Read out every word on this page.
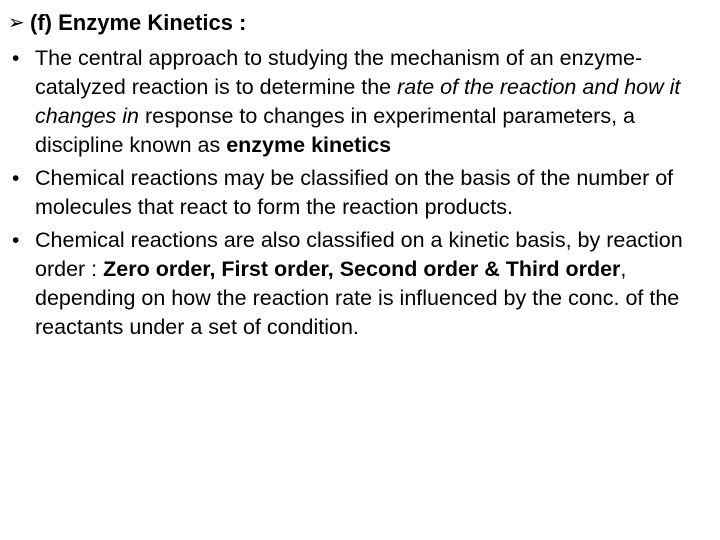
➢ (f) Enzyme Kinetics :
• The central approach to studying the mechanism of an enzyme-catalyzed reaction is to determine the rate of the reaction and how it changes in response to changes in experimental parameters, a discipline known as enzyme kinetics
• Chemical reactions may be classified on the basis of the number of molecules that react to form the reaction products.
• Chemical reactions are also classified on a kinetic basis, by reaction order : Zero order, First order, Second order & Third order, depending on how the reaction rate is influenced by the conc. of the reactants under a set of condition.
